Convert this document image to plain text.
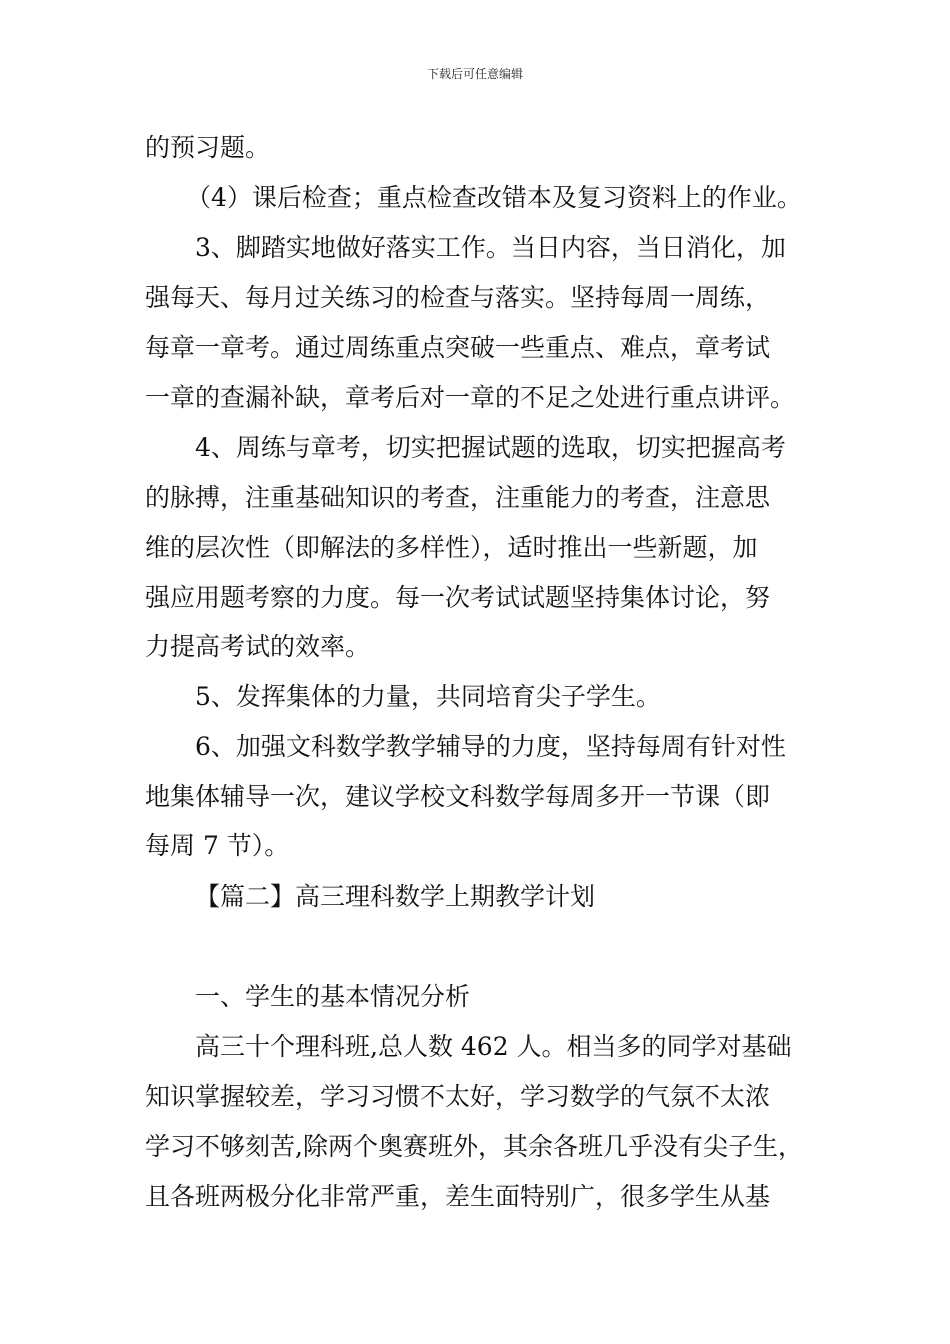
下载后可任意编辑
的预习题。
（4）课后检查；重点检查改错本及复习资料上的作业。
3、脚踏实地做好落实工作。当日内容，当日消化，加
强每天、每月过关练习的检查与落实。坚持每周一周练，
每章一章考。通过周练重点突破一些重点、难点，章考试
一章的查漏补缺，章考后对一章的不足之处进行重点讲评。
4、周练与章考，切实把握试题的选取，切实把握高考
的脉搏，注重基础知识的考查，注重能力的考查，注意思
维的层次性（即解法的多样性），适时推出一些新题，加
强应用题考察的力度。每一次考试试题坚持集体讨论，努
力提高考试的效率。
5、发挥集体的力量，共同培育尖子学生。
6、加强文科数学教学辅导的力度，坚持每周有针对性
地集体辅导一次，建议学校文科数学每周多开一节课（即
每周 7 节）。
【篇二】高三理科数学上期教学计划
一、学生的基本情况分析
高三十个理科班,总人数 462 人。相当多的同学对基础
知识掌握较差，学习习惯不太好，学习数学的气氛不太浓
学习不够刻苦,除两个奥赛班外，其余各班几乎没有尖子生，
且各班两极分化非常严重，差生面特别广，很多学生从基
